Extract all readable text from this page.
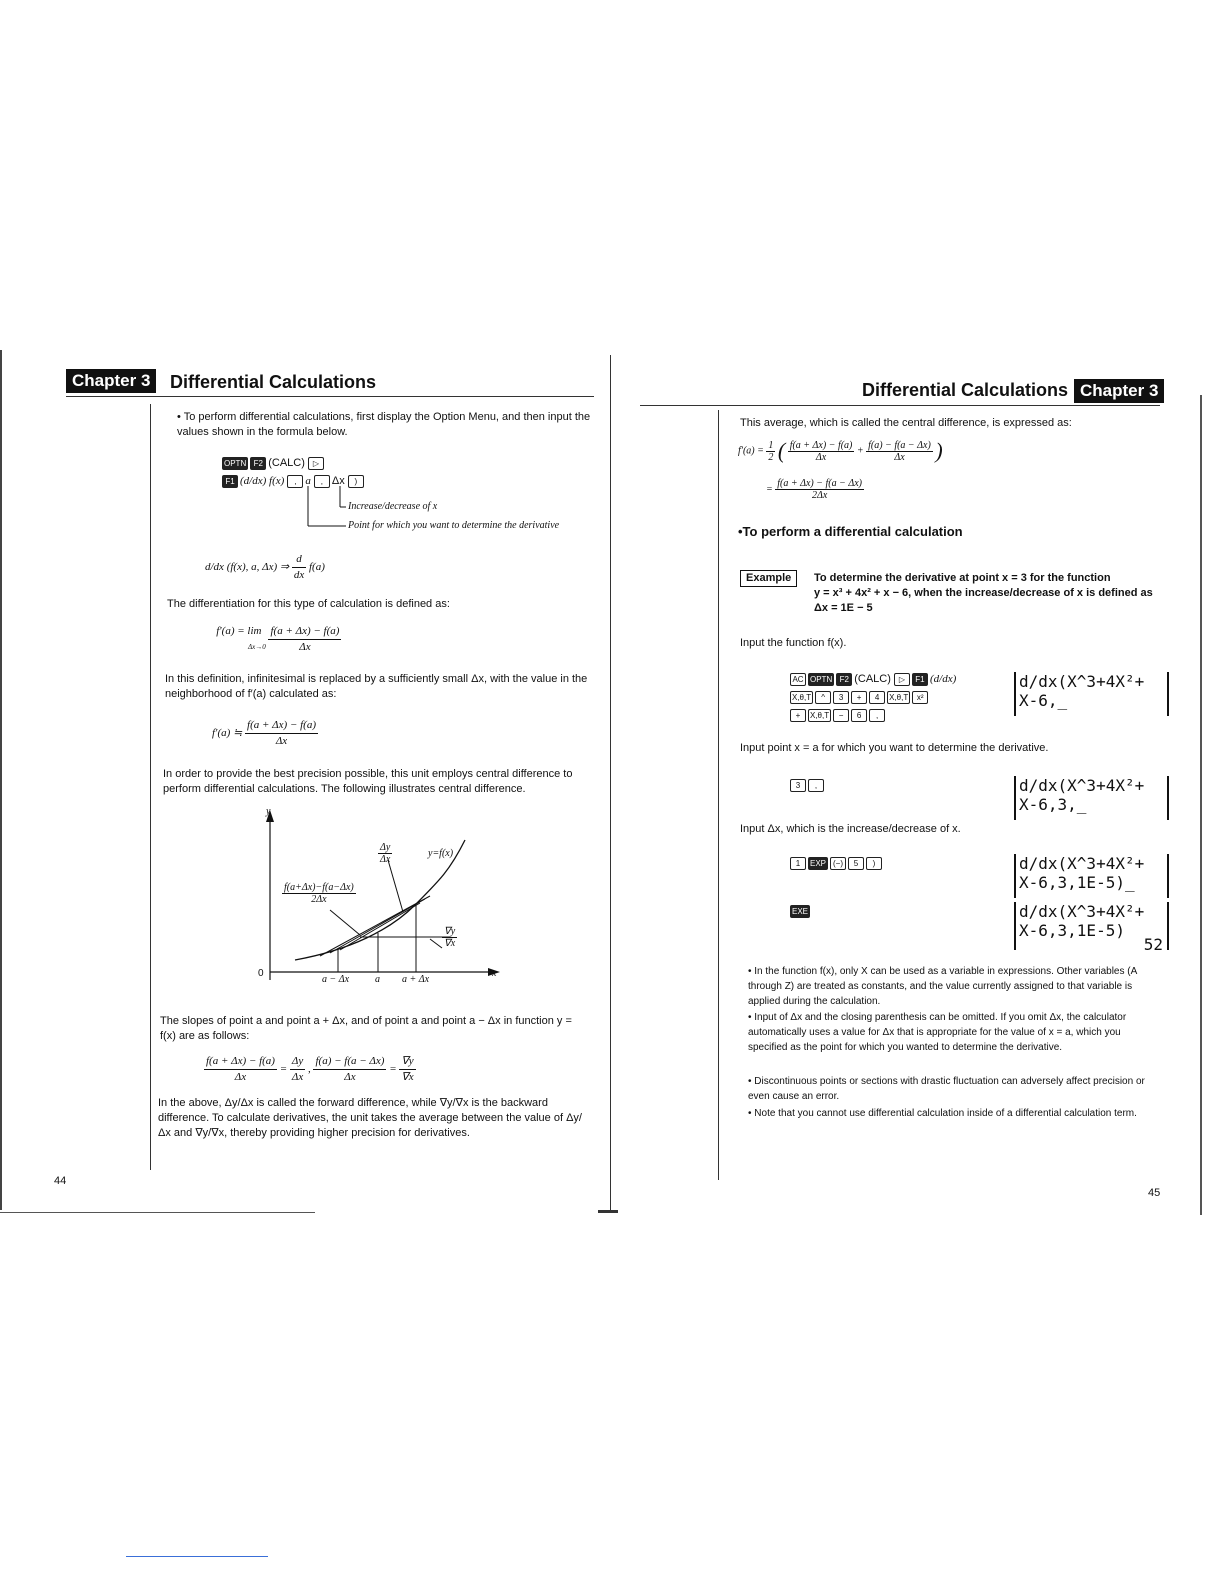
Chapter 3	Differential Calculations
• To perform differential calculations, first display the Option Menu, and then input the values shown in the formula below.
OPTN F2 (CALC) ▷
F1 (d/dx) f(x) , a , Δx )
Increase/decrease of x
Point for which you want to determine the derivative
d/dx (f(x), a, Δx) ⇒ $\frac{d}{dx} f(a)$
The differentiation for this type of calculation is defined as:
f′(a) = lim
$\Delta x\to 0 \frac{f(a + \Delta x) - f(a)}{\Delta x}$
In this definition, infinitesimal is replaced by a sufficiently small Δx, with the value in the neighborhood of f′(a) calculated as:
f′(a) ≒ $\frac{f(a + \Delta x) - f(a)}{\Delta x}$
In order to provide the best precision possible, this unit employs central difference to perform differential calculations. The following illustrates central difference.
y
x
0
y=f(x)
$\frac{\Delta y}{\Delta x}$
$\frac{f(a+\Delta x)-f(a-\Delta x)}{2\Delta x}$
$\frac{\nabla y}{\nabla x}$
a − Δx	a a + Δx
The slopes of point a and point a + Δx, and of point a and point a − Δx in function y = f(x) are as follows:
$\frac{f(a + \Delta x) - f(a)}{\Delta x} = \frac{\Delta y}{\Delta x}$ , $\frac{f(a) - f(a - \Delta x)}{\Delta x} = \frac{\nabla y}{\nabla x}$
In the above, Δy/Δx is called the forward difference, while ∇y/∇x is the backward difference. To calculate derivatives, the unit takes the average between the value of Δy/Δx and ∇y/∇x, thereby providing higher precision for derivatives.
44
Differential Calculations Chapter 3
This average, which is called the central difference, is expressed as:
$f'(a) = \frac{1}{2}$ ( $\frac{f(a + \Delta x) - f(a)}{\Delta x} + \frac{f(a) - f(a - \Delta x)}{\Delta x}$ )
= $\frac{f(a + \Delta x) - f(a - \Delta x)}{2\Delta x}$
•To perform a differential calculation
Example	To determine the derivative at point x = 3 for the function
y = x³ + 4x² + x − 6, when the increase/decrease of x is defined as
Δx = 1E − 5
Input the function f(x).
AC OPTN F2 (CALC) ▷ F1 (d/dx)
X,θ,T ^ 3 + 4 X,θ,T x²
+ X,θ,T − 6 ,
d/dx(X^3+4X²+
X-6,_
Input point x = a for which you want to determine the derivative.
3 ,	d/dx(X^3+4X²+
X-6,3,_
Input Δx, which is the increase/decrease of x.
1 EXP (−) 5 )	d/dx(X^3+4X²+
X-6,3,1E-5)_
EXE	d/dx(X^3+4X²+
X-6,3,1E-5)
52
• In the function f(x), only X can be used as a variable in expressions. Other variables (A through Z) are treated as constants, and the value currently assigned to that variable is applied during the calculation.
• Input of Δx and the closing parenthesis can be omitted. If you omit Δx, the calculator automatically uses a value for Δx that is appropriate for the value of x = a, which you specified as the point for which you wanted to determine the derivative.
• Discontinuous points or sections with drastic fluctuation can adversely affect precision or even cause an error.
• Note that you cannot use differential calculation inside of a differential calculation term.
45
